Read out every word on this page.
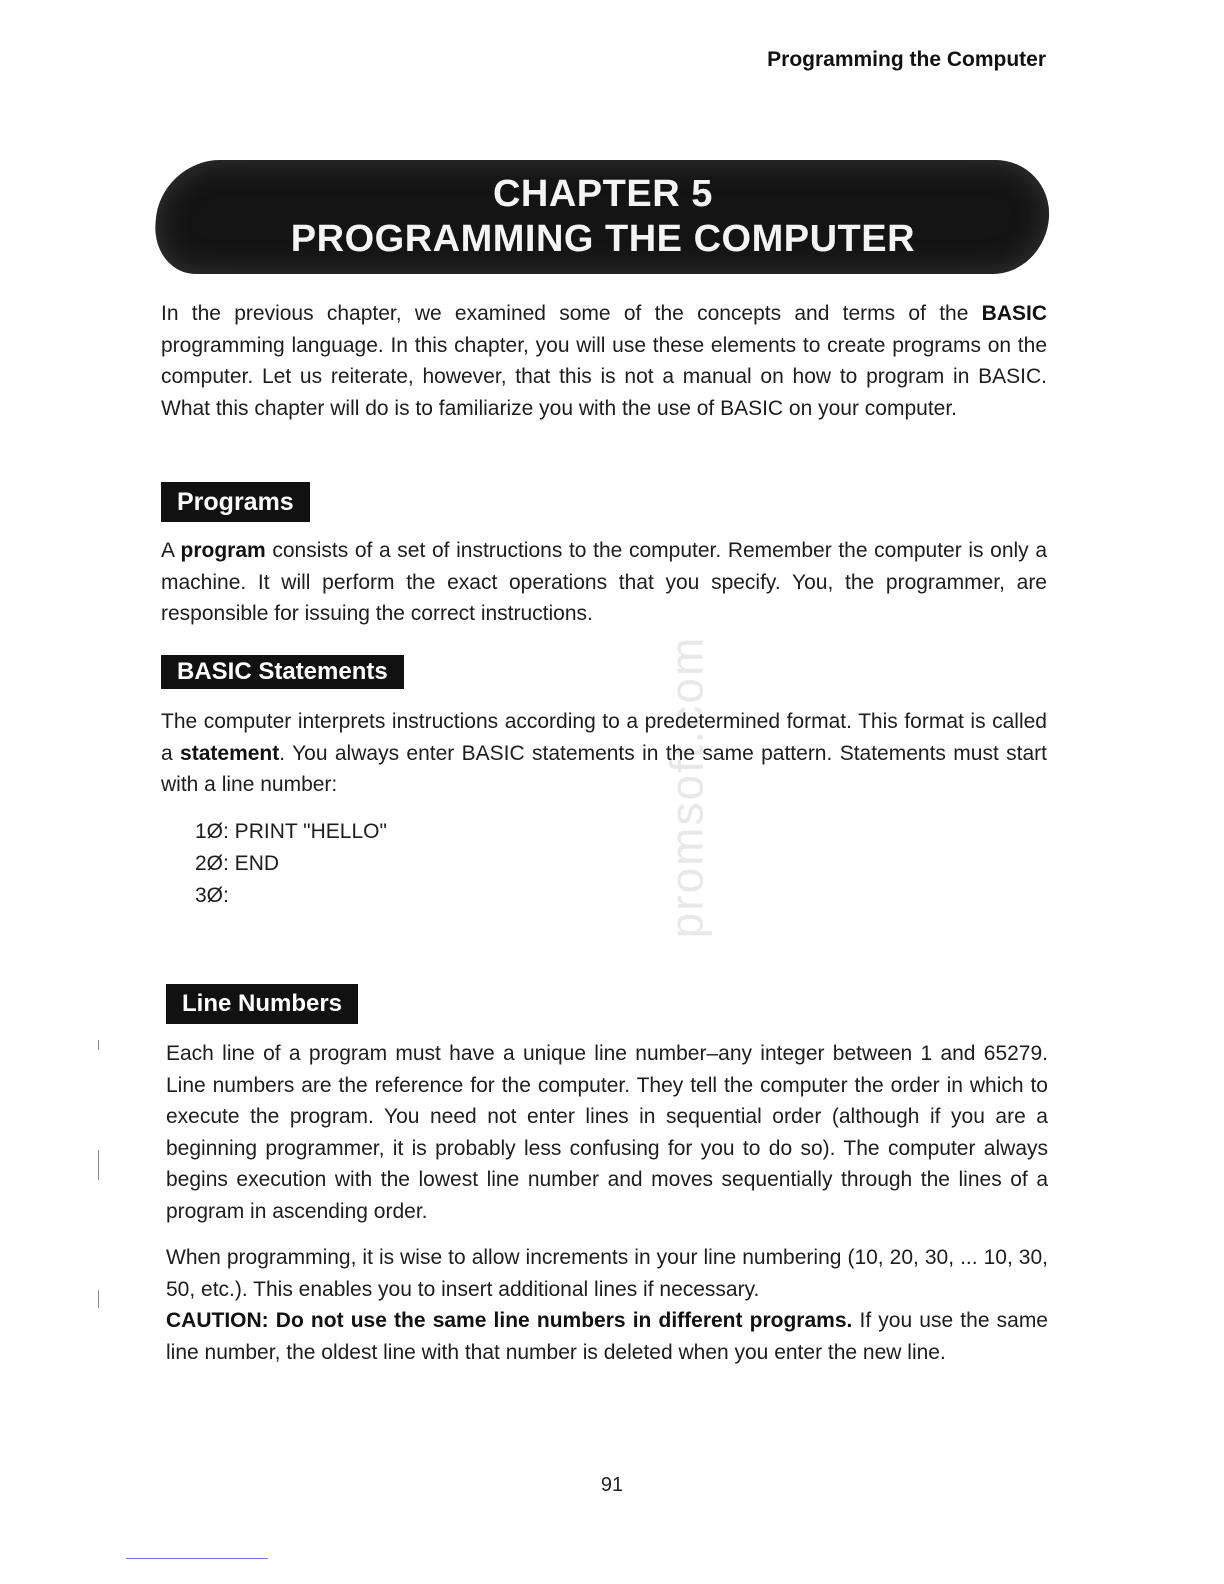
Programming the Computer
CHAPTER 5
PROGRAMMING THE COMPUTER
In the previous chapter, we examined some of the concepts and terms of the BASIC programming language. In this chapter, you will use these elements to create programs on the computer. Let us reiterate, however, that this is not a manual on how to program in BASIC. What this chapter will do is to familiarize you with the use of BASIC on your computer.
Programs
A program consists of a set of instructions to the computer. Remember the computer is only a machine. It will perform the exact operations that you specify. You, the programmer, are responsible for issuing the correct instructions.
BASIC Statements	promsoft.com
The computer interprets instructions according to a predetermined format. This format is called a statement. You always enter BASIC statements in the same pattern. Statements must start with a line number:
1Ø: PRINT "HELLO"
2Ø: END
3Ø:
Line Numbers
Each line of a program must have a unique line number–any integer between 1 and 65279. Line numbers are the reference for the computer. They tell the computer the order in which to execute the program. You need not enter lines in sequential order (although if you are a beginning programmer, it is probably less confusing for you to do so). The computer always begins execution with the lowest line number and moves sequentially through the lines of a program in ascending order.
When programming, it is wise to allow increments in your line numbering (10, 20, 30, ... 10, 30, 50, etc.). This enables you to insert additional lines if necessary.
CAUTION: Do not use the same line numbers in different programs. If you use the same line number, the oldest line with that number is deleted when you enter the new line.
91
